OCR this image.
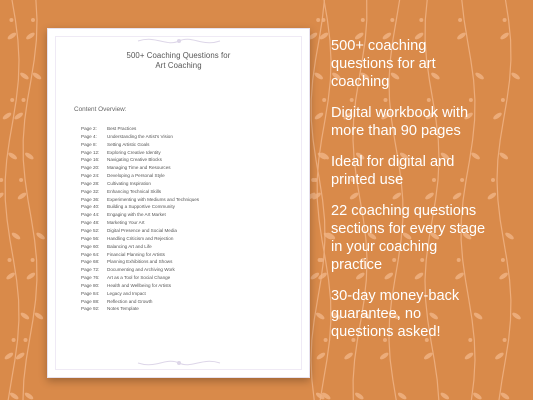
500+ Coaching Questions for
Art Coaching
Content Overview:
Page 2: Best Practices
Page 4: Understanding the Artist's Vision
Page 8: Setting Artistic Goals
Page 12: Exploring Creative Identity
Page 16: Navigating Creative Blocks
Page 20: Managing Time and Resources
Page 24: Developing a Personal Style
Page 28: Cultivating Inspiration
Page 32: Enhancing Technical Skills
Page 36: Experimenting with Mediums and Techniques
Page 40: Building a Supportive Community
Page 44: Engaging with the Art Market
Page 48: Marketing Your Art
Page 52: Digital Presence and Social Media
Page 56: Handling Criticism and Rejection
Page 60: Balancing Art and Life
Page 64: Financial Planning for Artists
Page 68: Planning Exhibitions and Shows
Page 72: Documenting and Archiving Work
Page 76: Art as a Tool for Social Change
Page 80: Health and Wellbeing for Artists
Page 84: Legacy and Impact
Page 88: Reflection and Growth
Page 92: Notes Template
500+ coaching
questions for art
coaching
Digital workbook with
more than 90 pages
Ideal for digital and
printed use
22 coaching questions
sections for every stage
in your coaching
practice
30-day money-back
guarantee, no
questions asked!
